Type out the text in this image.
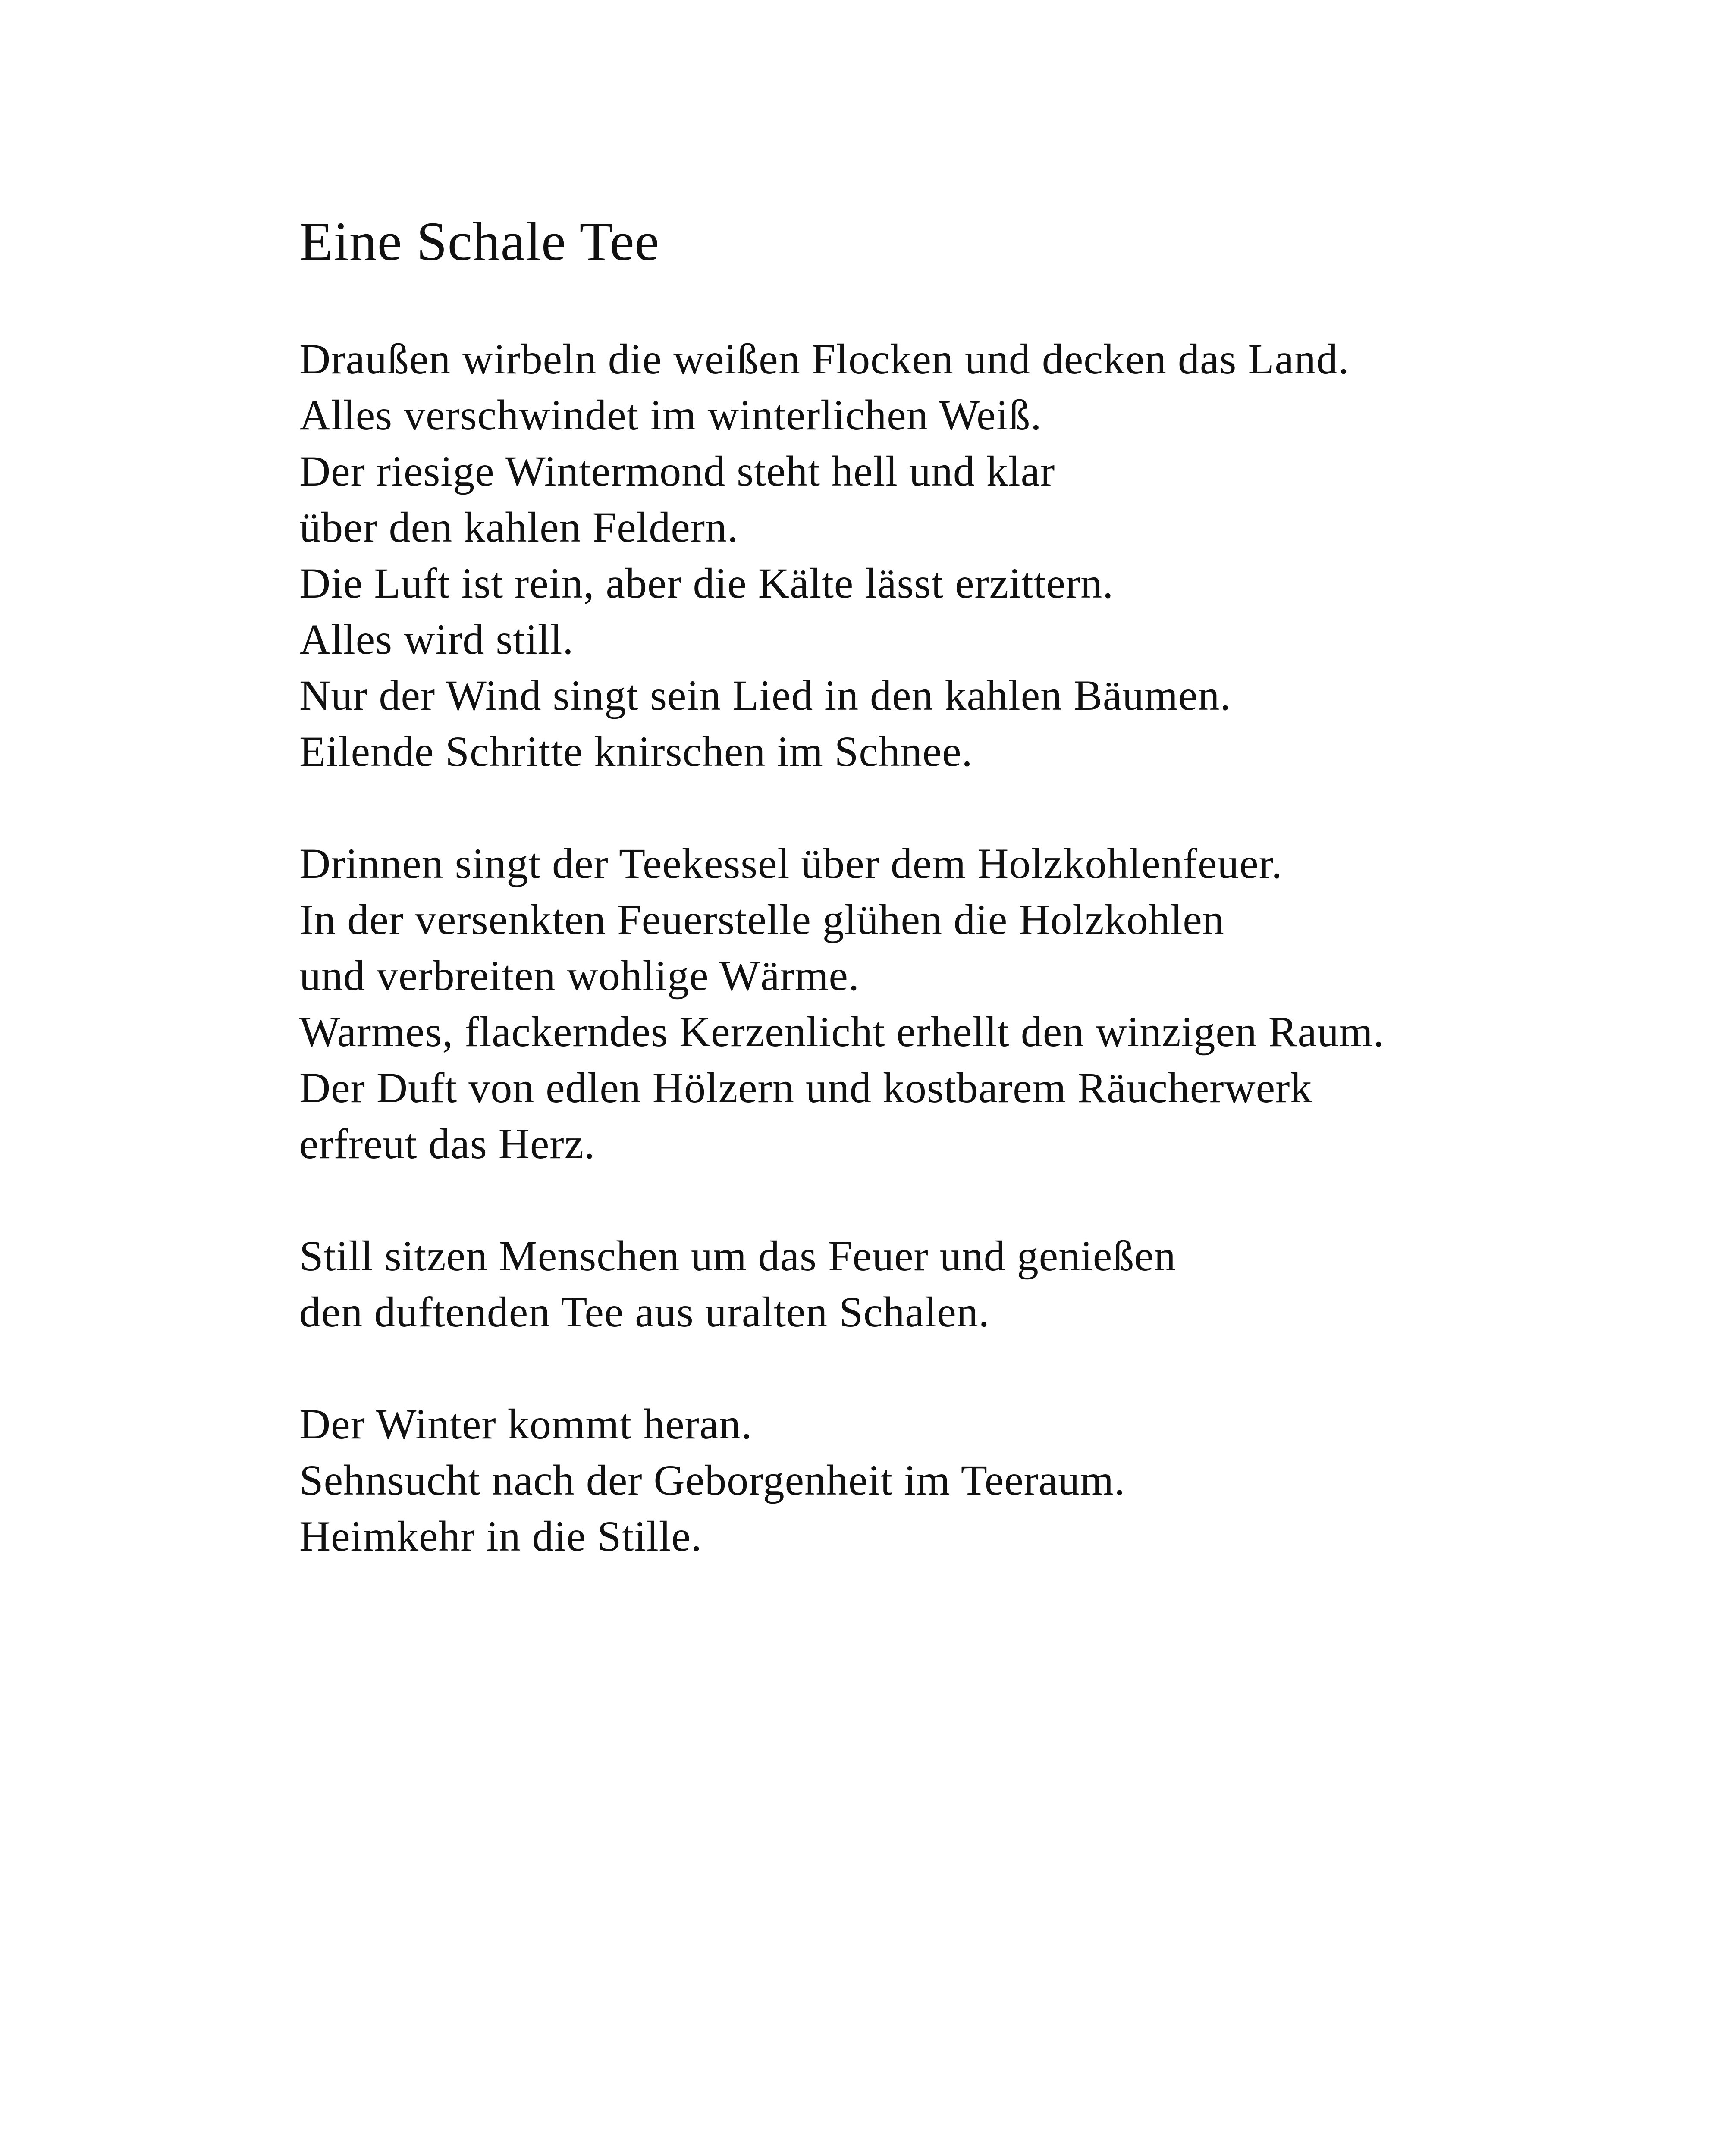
Eine Schale Tee

Draußen wirbeln die weißen Flocken und decken das Land.
Alles verschwindet im winterlichen Weiß.
Der riesige Wintermond steht hell und klar
über den kahlen Feldern.
Die Luft ist rein, aber die Kälte lässt erzittern.
Alles wird still.
Nur der Wind singt sein Lied in den kahlen Bäumen.
Eilende Schritte knirschen im Schnee.

Drinnen singt der Teekessel über dem Holzkohlenfeuer.
In der versenkten Feuerstelle glühen die Holzkohlen
und verbreiten wohlige Wärme.
Warmes, flackerndes Kerzenlicht erhellt den winzigen Raum.
Der Duft von edlen Hölzern und kostbarem Räucherwerk
erfreut das Herz.

Still sitzen Menschen um das Feuer und genießen
den duftenden Tee aus uralten Schalen.

Der Winter kommt heran.
Sehnsucht nach der Geborgenheit im Teeraum.
Heimkehr in die Stille.
